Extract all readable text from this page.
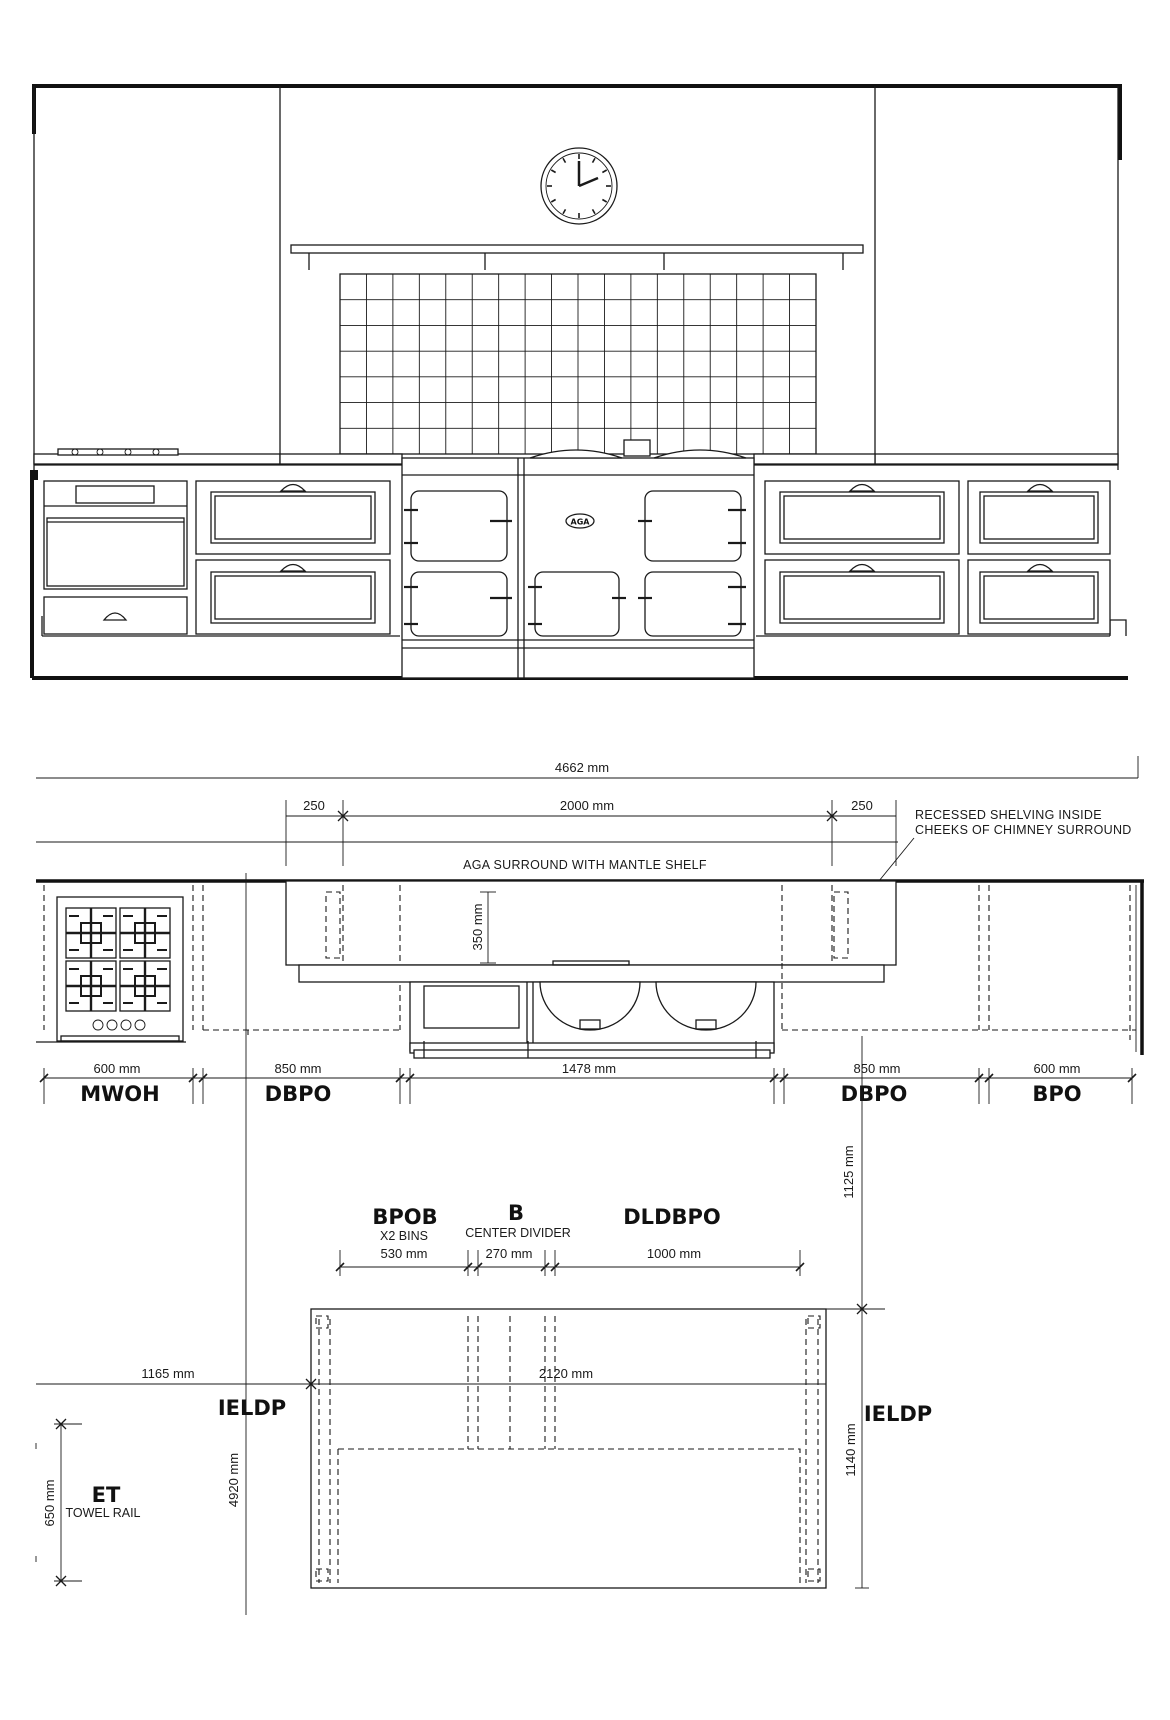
AGA
4662 mm
250	2000 mm	250
RECESSED SHELVING INSIDE
CHEEKS OF CHIMNEY SURROUND
AGA SURROUND WITH MANTLE SHELF
350 mm
600 mm	850 mm	1478 mm	850 mm	600 mm
MWOH	DBPO	DBPO	BPO
1125 mm
1140 mm
BPOB
X2 BINS
B
CENTER DIVIDER
DLDBPO
530 mm	270 mm	1000 mm
1165 mm	2120 mm
IELDP	IELDP
4920 mm
650 mm ET
TOWEL RAIL
